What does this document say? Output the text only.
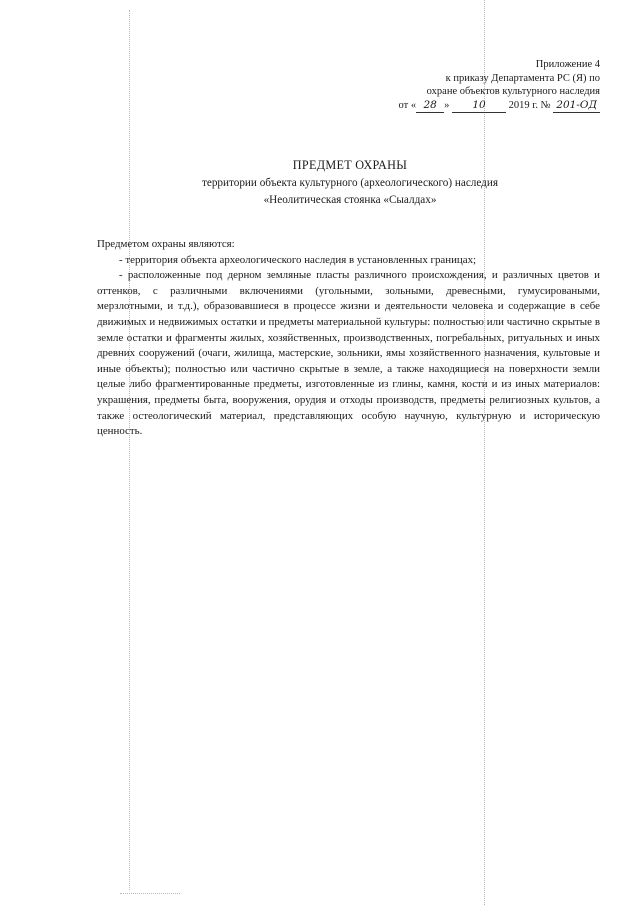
Приложение 4
к приказу Департамента РС (Я) по
охране объектов культурного наследия
от « 28 » 10 2019 г. № 201-ОД
ПРЕДМЕТ ОХРАНЫ
территории объекта культурного (археологического) наследия
«Неолитическая стоянка «Сыалдах»

Предметом охраны являются:

- территория объекта археологического наследия в установленных границах;

- расположенные под дерном земляные пласты различного происхождения, и различных цветов и оттенков, с различными включениями (угольными, зольными, древесными, гумусироваными, мерзлотными, и т.д.), образовавшиеся в процессе жизни и деятельности человека и содержащие в себе движимых и недвижимых остатки и предметы материальной культуры: полностью или частично скрытые в земле остатки и фрагменты жилых, хозяйственных, производственных, погребальных, ритуальных и иных древних сооружений (очаги, жилища, мастерские, зольники, ямы хозяйственного назначения, культовые и иные объекты); полностью или частично скрытые в земле, а также находящиеся на поверхности земли целые либо фрагментированные предметы, изготовленные из глины, камня, кости и из иных материалов: украшения, предметы быта, вооружения, орудия и отходы производств, предметы религиозных культов, а также остеологический материал, представляющих особую научную, культурную и историческую ценность.
